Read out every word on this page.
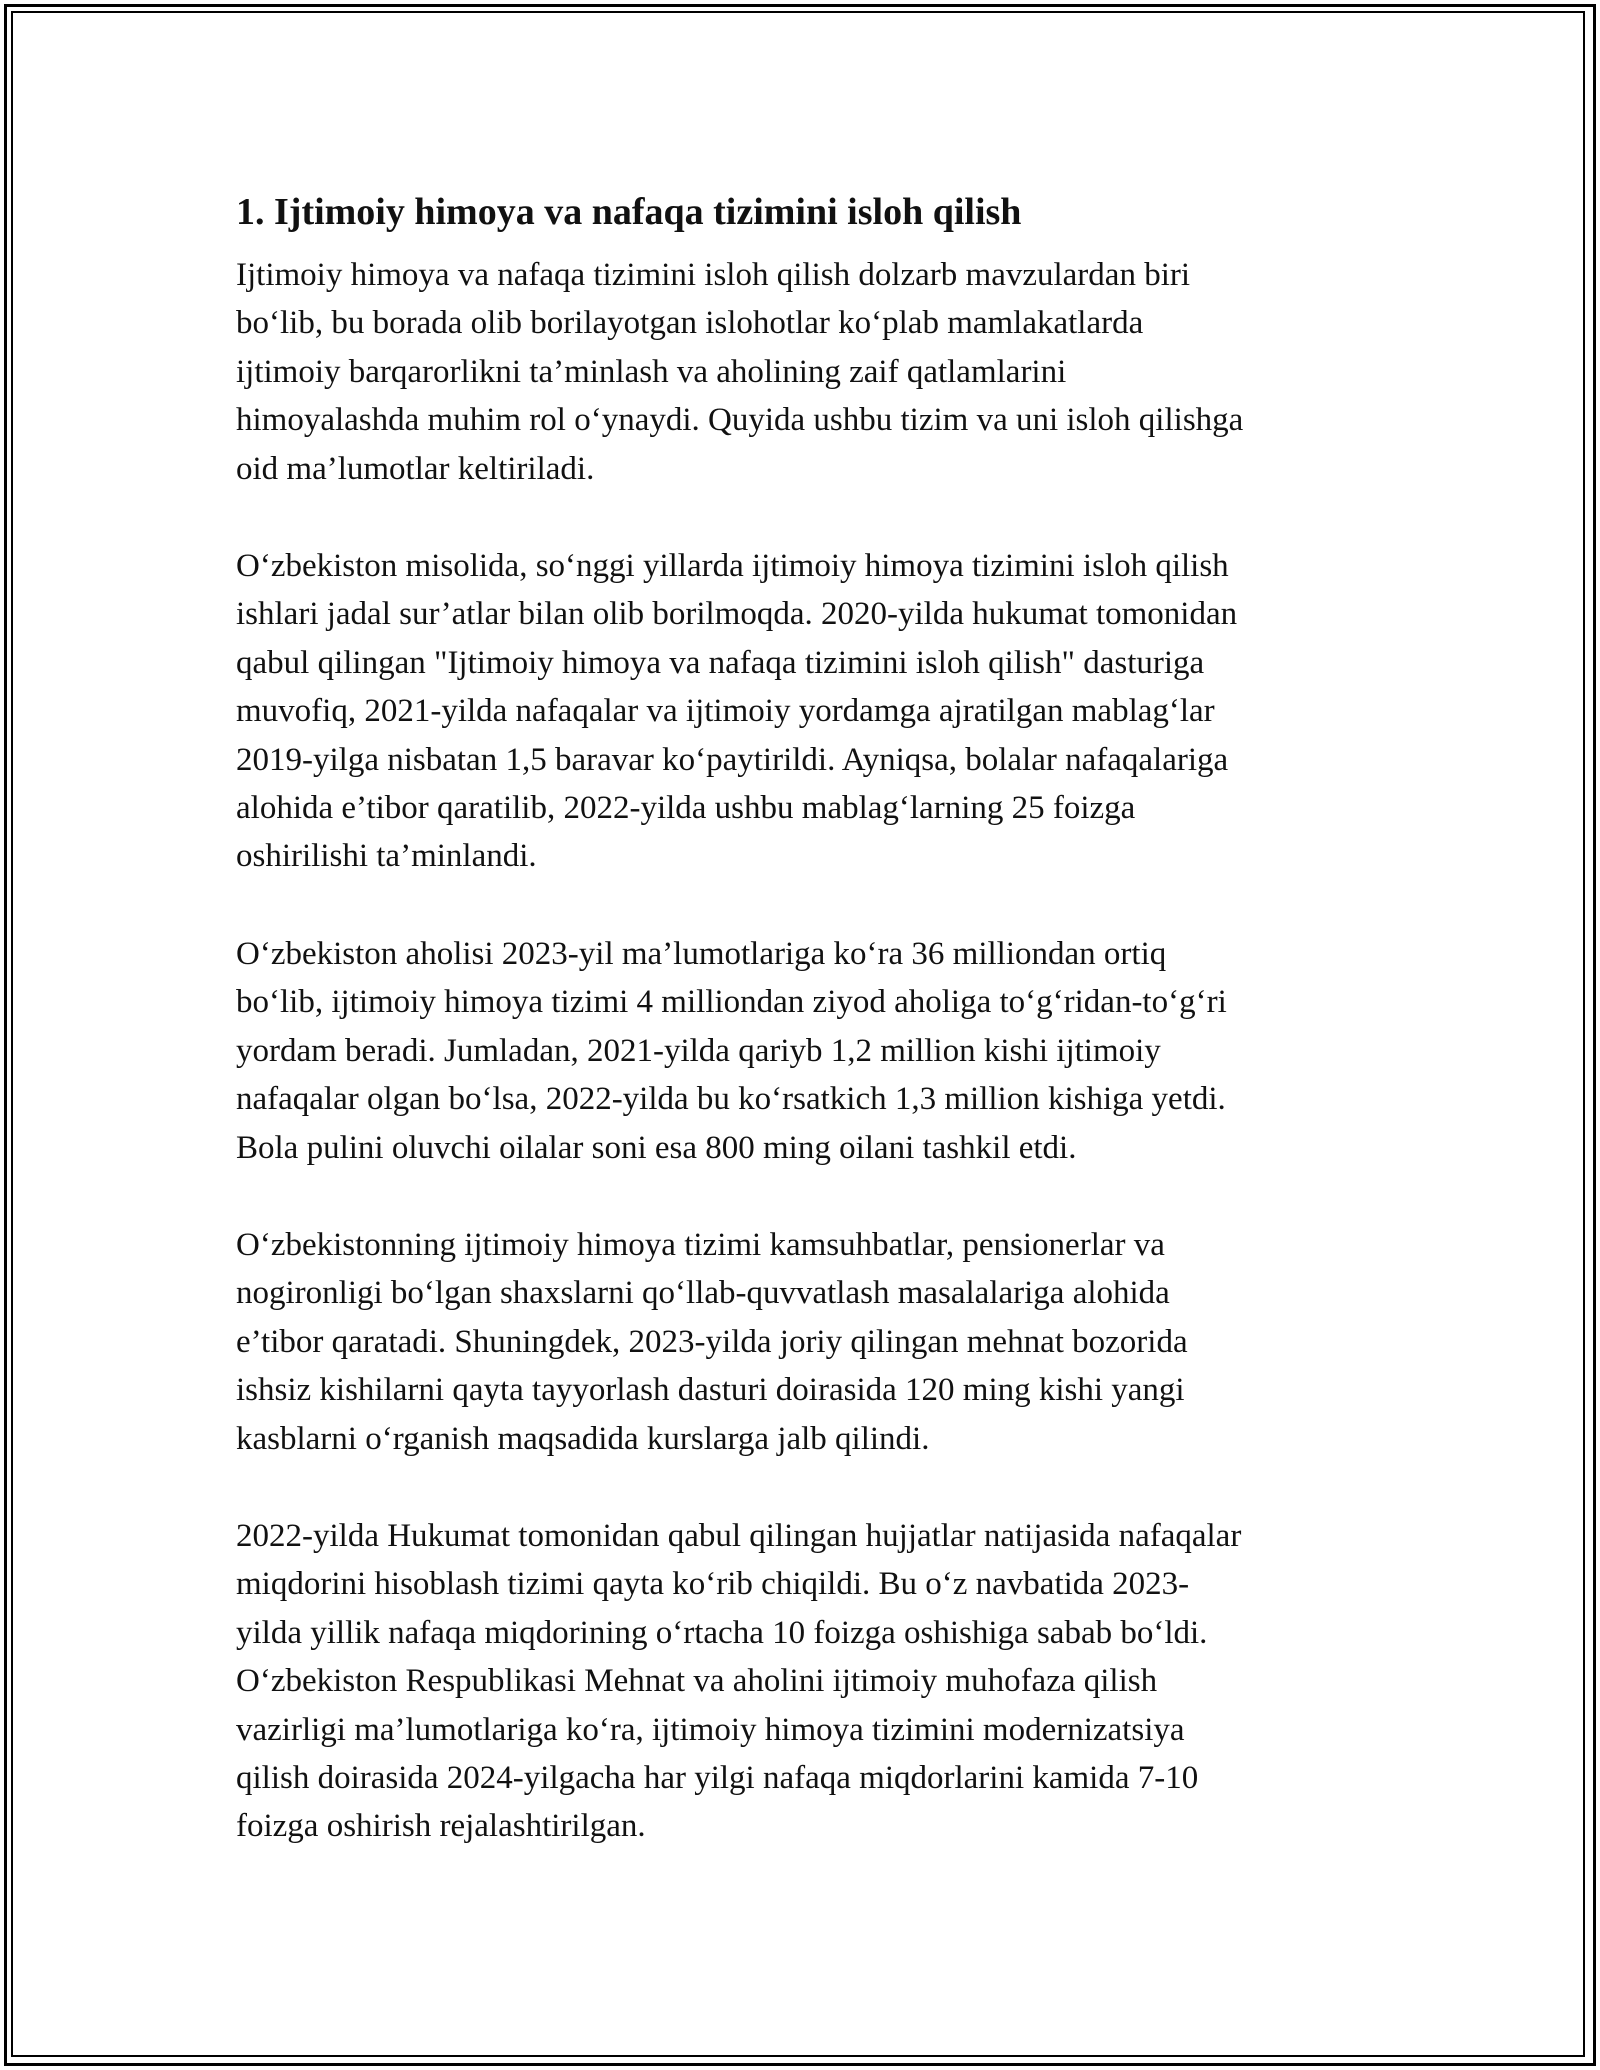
1. Ijtimoiy himoya va nafaqa tizimini isloh qilish

Ijtimoiy himoya va nafaqa tizimini isloh qilish dolzarb mavzulardan biri
bo‘lib, bu borada olib borilayotgan islohotlar ko‘plab mamlakatlarda
ijtimoiy barqarorlikni ta’minlash va aholining zaif qatlamlarini
himoyalashda muhim rol o‘ynaydi. Quyida ushbu tizim va uni isloh qilishga
oid ma’lumotlar keltiriladi.

O‘zbekiston misolida, so‘nggi yillarda ijtimoiy himoya tizimini isloh qilish
ishlari jadal sur’atlar bilan olib borilmoqda. 2020-yilda hukumat tomonidan
qabul qilingan "Ijtimoiy himoya va nafaqa tizimini isloh qilish" dasturiga
muvofiq, 2021-yilda nafaqalar va ijtimoiy yordamga ajratilgan mablag‘lar
2019-yilga nisbatan 1,5 baravar ko‘paytirildi. Ayniqsa, bolalar nafaqalariga
alohida e’tibor qaratilib, 2022-yilda ushbu mablag‘larning 25 foizga
oshirilishi ta’minlandi.

O‘zbekiston aholisi 2023-yil ma’lumotlariga ko‘ra 36 milliondan ortiq
bo‘lib, ijtimoiy himoya tizimi 4 milliondan ziyod aholiga to‘g‘ridan-to‘g‘ri
yordam beradi. Jumladan, 2021-yilda qariyb 1,2 million kishi ijtimoiy
nafaqalar olgan bo‘lsa, 2022-yilda bu ko‘rsatkich 1,3 million kishiga yetdi.
Bola pulini oluvchi oilalar soni esa 800 ming oilani tashkil etdi.

O‘zbekistonning ijtimoiy himoya tizimi kamsuhbatlar, pensionerlar va
nogironligi bo‘lgan shaxslarni qo‘llab-quvvatlash masalalariga alohida
e’tibor qaratadi. Shuningdek, 2023-yilda joriy qilingan mehnat bozorida
ishsiz kishilarni qayta tayyorlash dasturi doirasida 120 ming kishi yangi
kasblarni o‘rganish maqsadida kurslarga jalb qilindi.

2022-yilda Hukumat tomonidan qabul qilingan hujjatlar natijasida nafaqalar
miqdorini hisoblash tizimi qayta ko‘rib chiqildi. Bu o‘z navbatida 2023-
yilda yillik nafaqa miqdorining o‘rtacha 10 foizga oshishiga sabab bo‘ldi.
O‘zbekiston Respublikasi Mehnat va aholini ijtimoiy muhofaza qilish
vazirligi ma’lumotlariga ko‘ra, ijtimoiy himoya tizimini modernizatsiya
qilish doirasida 2024-yilgacha har yilgi nafaqa miqdorlarini kamida 7-10
foizga oshirish rejalashtirilgan.
